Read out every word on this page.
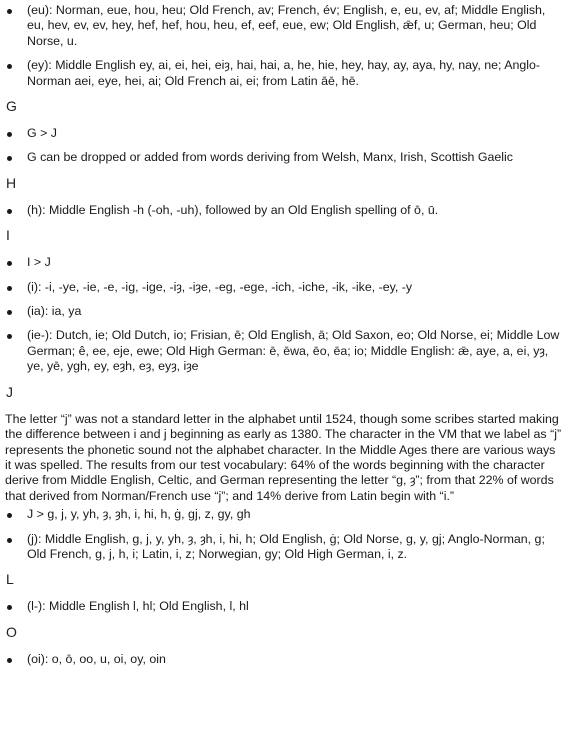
(eu): Norman, eue, hou, heu; Old French, av; French, év; English, e, eu, ev, af; Middle English, eu, hev, ev, ev, hey, hef, hef, hou, heu, ef, eef, eue, ew; Old English, ǣf, u; German, heu; Old Norse, u.
(ey): Middle English ey, ai, ei, hei, eiȝ, hai, hai, a, he, hie, hey, hay, ay, aya, hy, nay, ne; Anglo-Norman aei, eye, hei, ai; Old French ai, ei; from Latin āē, hē.
G
G > J
G can be dropped or added from words deriving from Welsh, Manx, Irish, Scottish Gaelic
H
(h): Middle English -h (-oh, -uh), followed by an Old English spelling of ō, ū.
I
I > J
(i): -i, -ye, -ie, -e, -ig, -ige, -iȝ, -iȝe, -eg, -ege, -ich, -iche, -ik, -ike, -ey, -y
(ia): ia, ya
(ie-): Dutch, ie; Old Dutch, io; Frisian, ē; Old English, ā; Old Saxon, eo; Old Norse, ei; Middle Low German; ê, ee, eje, ewe; Old High German: ē, ēwa, ēo, ēa; io; Middle English: ǣ, aye, a, ei, yȝ, ye, yē, ygh, ey, eȝh, eȝ, eyȝ, iȝe
J

The letter “j” was not a standard letter in the alphabet until 1524, though some scribes started making the difference between i and j beginning as early as 1380. The character in the VM that we label as “j” represents the phonetic sound not the alphabet character. In the Middle Ages there are various ways it was spelled. The results from our test vocabulary: 64% of the words beginning with the character derive from Middle English, Celtic, and German representing the letter “g, ȝ”; from that 22% of words that derived from Norman/French use “j”; and 14% derive from Latin begin with “i.”

J > g, j, y, yh, ȝ, ȝh, i, hi, h, ġ, gj, z, gy, gh
(j): Middle English, g, j, y, yh, ȝ, ȝh, i, hi, h; Old English, ġ; Old Norse, g, y, gj; Anglo-Norman, g; Old French, g, j, h, i; Latin, i, z; Norwegian, gy; Old High German, i, z.
L
(l-): Middle English l, hl; Old English, l, hl
O
(oi): o, ō, oo, u, oi, oy, oin
